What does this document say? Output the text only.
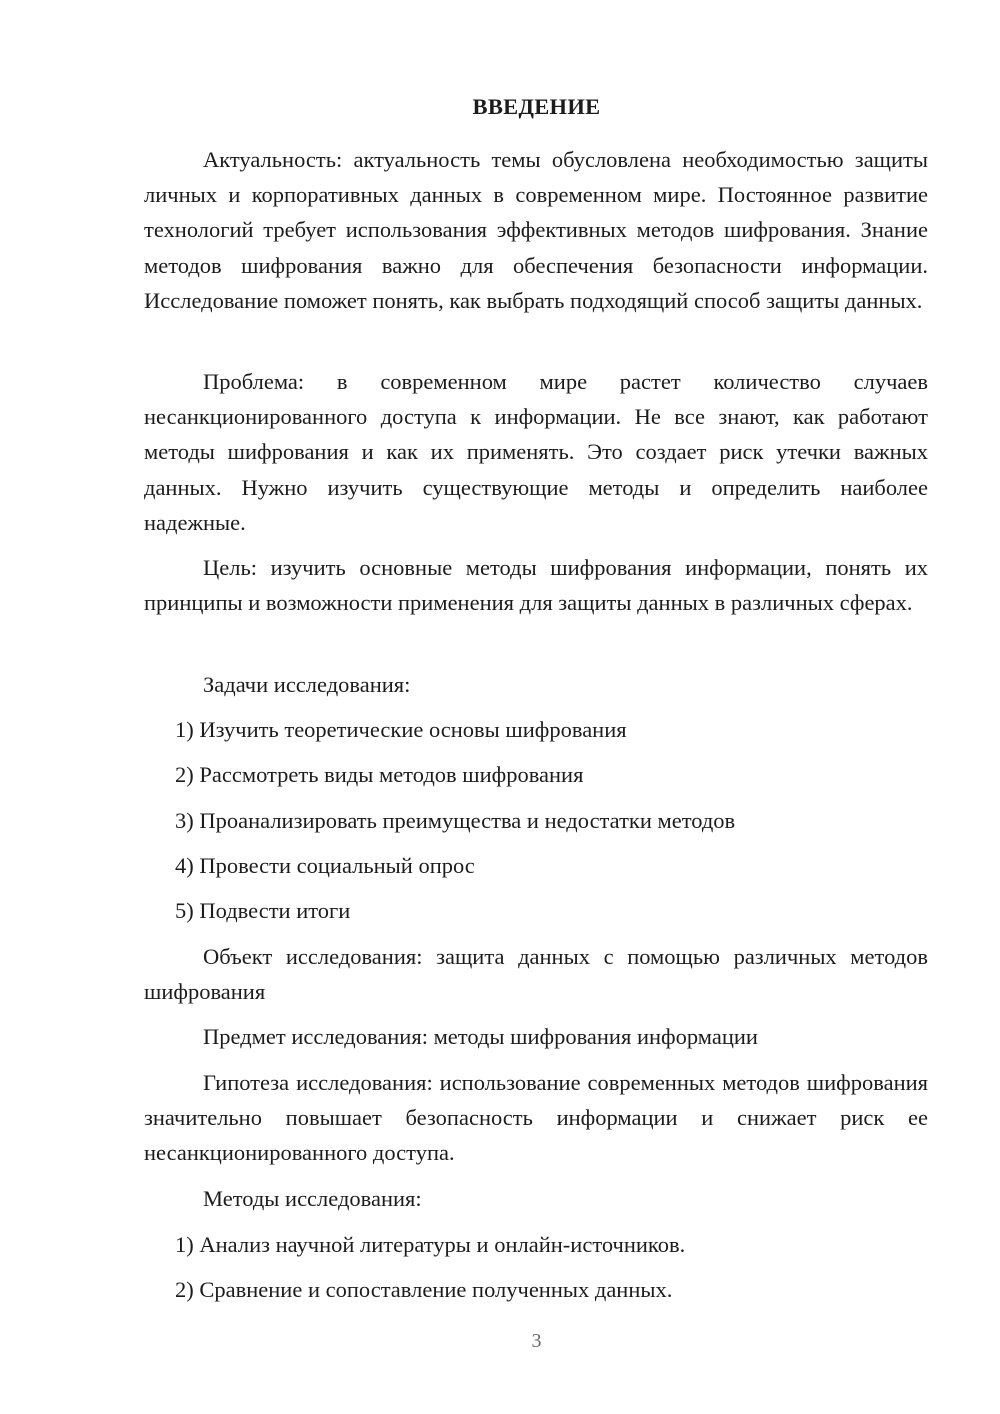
ВВЕДЕНИЕ

Актуальность: актуальность темы обусловлена необходимостью защиты личных и корпоративных данных в современном мире. Постоянное развитие технологий требует использования эффективных методов шифрования. Знание методов шифрования важно для обеспечения безопасности информации. Исследование поможет понять, как выбрать подходящий способ защиты данных.

Проблема: в современном мире растет количество случаев несанкционированного доступа к информации. Не все знают, как работают методы шифрования и как их применять. Это создает риск утечки важных данных. Нужно изучить существующие методы и определить наиболее надежные.

Цель: изучить основные методы шифрования информации, понять их принципы и возможности применения для защиты данных в различных сферах.

Задачи исследования:

1) Изучить теоретические основы шифрования

2) Рассмотреть виды методов шифрования

3) Проанализировать преимущества и недостатки методов

4) Провести социальный опрос

5) Подвести итоги

Объект исследования: защита данных с помощью различных методов шифрования

Предмет исследования: методы шифрования информации

Гипотеза исследования: использование современных методов шифрования значительно повышает безопасность информации и снижает риск ее несанкционированного доступа.

Методы исследования:

1) Анализ научной литературы и онлайн-источников.

2) Сравнение и сопоставление полученных данных.

3
